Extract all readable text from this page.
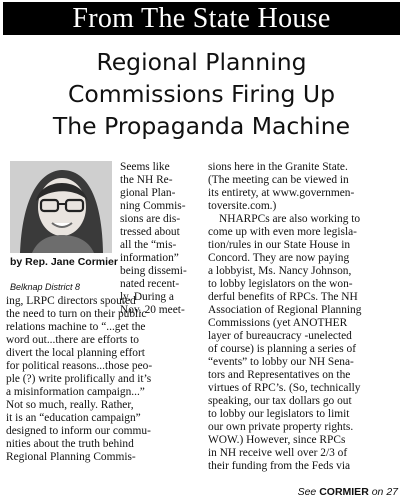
From The State House
Regional Planning
Commissions Firing Up
The Propaganda Machine
by Rep. Jane Cormier
Belknap District 8
Seems like
the NH Re-
gional Plan-
ning Commis-
sions are dis-
tressed about
all the “mis-
information”
being dissemi-
nated recent-
ly. During a
Nov. 20 meet-
ing, LRPC directors spouted
the need to turn on their public
relations machine to “...get the
word out...there are efforts to
divert the local planning effort
for political reasons...those peo-
ple (?) write prolifically and it’s
a misinformation campaign...”
Not so much, really. Rather,
it is an “education campaign”
designed to inform our commu-
nities about the truth behind
Regional Planning Commis-
sions here in the Granite State.
(The meeting can be viewed in
its entirety, at www.governmen-
toversite.com.)
NHARPCs are also working to
come up with even more legisla-
tion/rules in our State House in
Concord. They are now paying
a lobbyist, Ms. Nancy Johnson,
to lobby legislators on the won-
derful benefits of RPCs. The NH
Association of Regional Planning
Commissions (yet ANOTHER
layer of bureaucracy -unelected
of course) is planning a series of
“events” to lobby our NH Sena-
tors and Representatives on the
virtues of RPC’s. (So, technically
speaking, our tax dollars go out
to lobby our legislators to limit
our own private property rights.
WOW.) However, since RPCs
in NH receive well over 2/3 of
their funding from the Feds via
See CORMIER on 27
